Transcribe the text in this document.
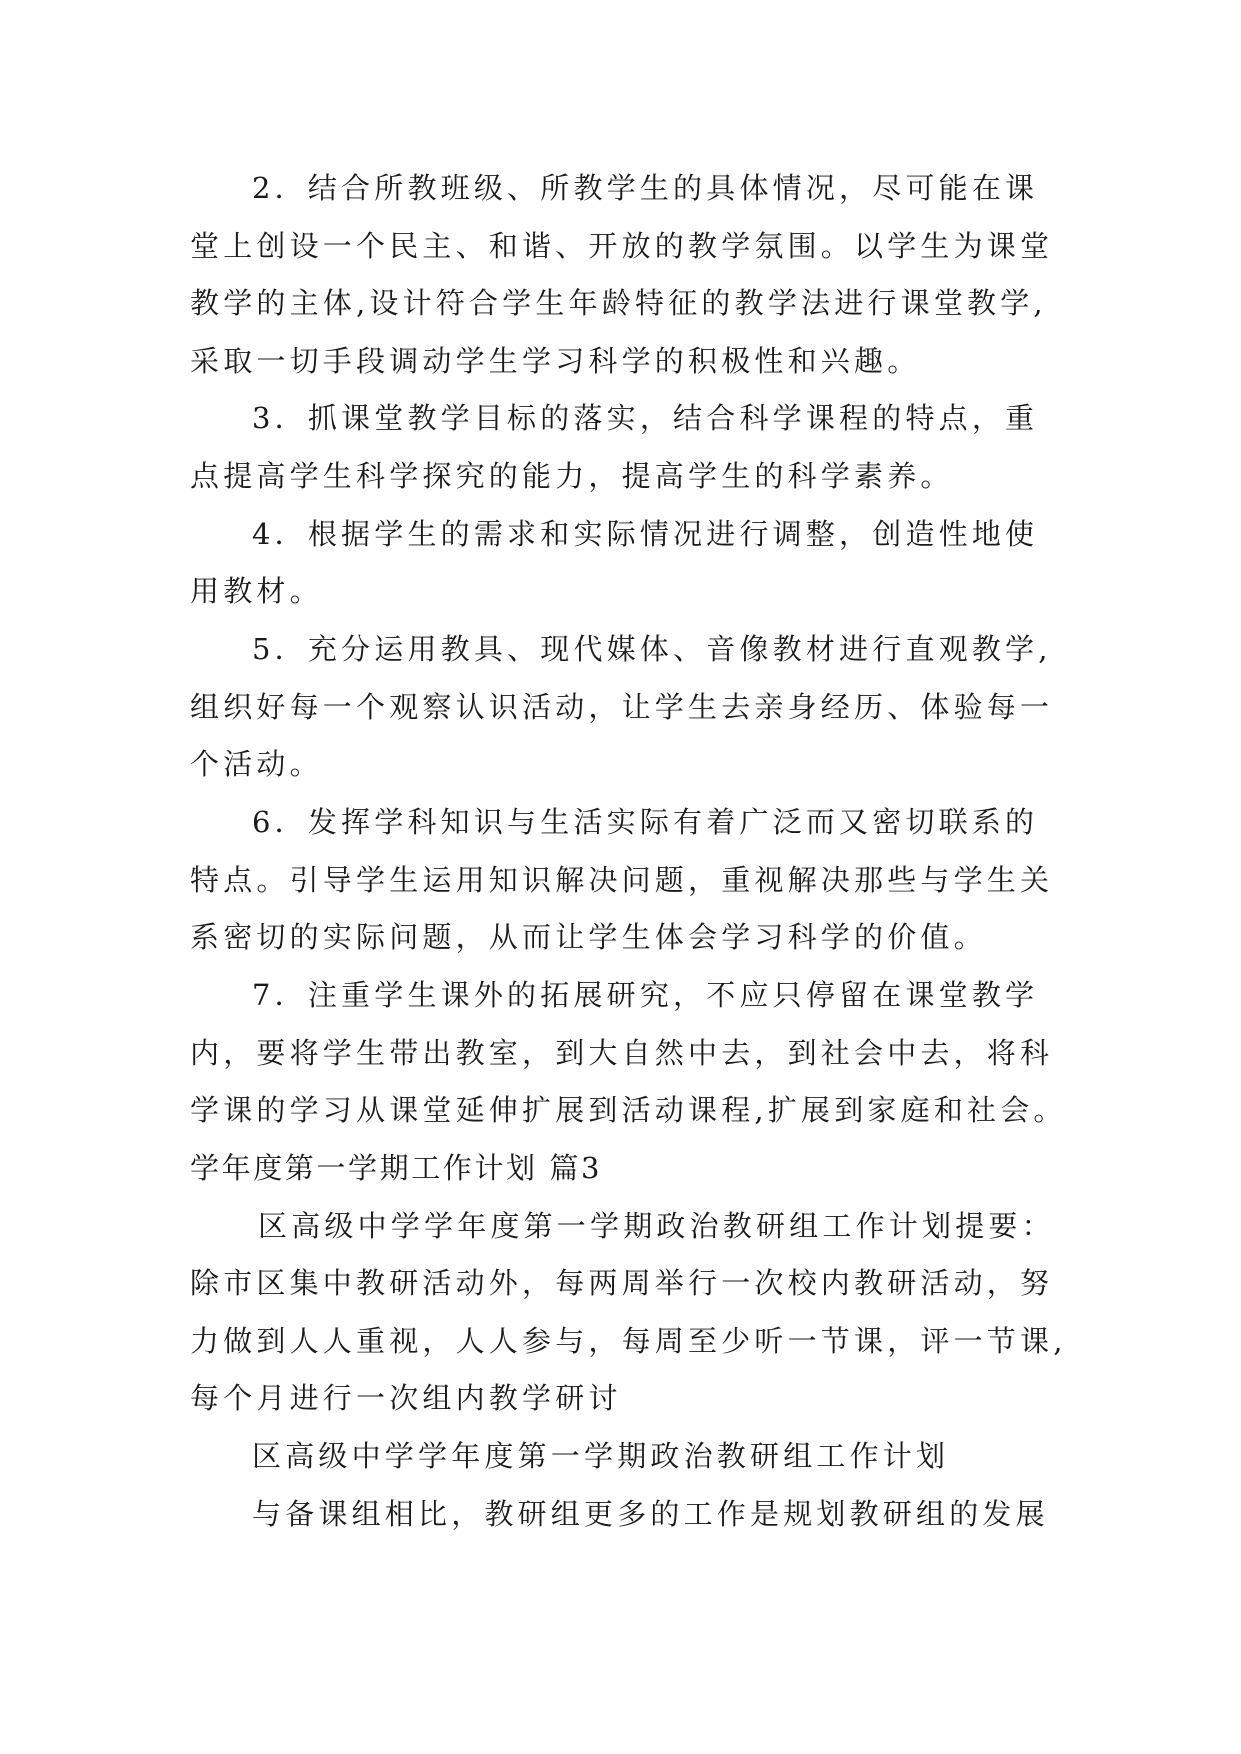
2．结合所教班级、所教学生的具体情况，尽可能在课
堂上创设一个民主、和谐、开放的教学氛围。以学生为课堂
教学的主体,设计符合学生年龄特征的教学法进行课堂教学,
采取一切手段调动学生学习科学的积极性和兴趣。
3．抓课堂教学目标的落实，结合科学课程的特点，重
点提高学生科学探究的能力，提高学生的科学素养。
4．根据学生的需求和实际情况进行调整，创造性地使
用教材。
5．充分运用教具、现代媒体、音像教材进行直观教学,
组织好每一个观察认识活动，让学生去亲身经历、体验每一
个活动。
6．发挥学科知识与生活实际有着广泛而又密切联系的
特点。引导学生运用知识解决问题，重视解决那些与学生关
系密切的实际问题，从而让学生体会学习科学的价值。
7．注重学生课外的拓展研究，不应只停留在课堂教学
内，要将学生带出教室，到大自然中去，到社会中去，将科
学课的学习从课堂延伸扩展到活动课程,扩展到家庭和社会。
学年度第一学期工作计划 篇3
区高级中学学年度第一学期政治教研组工作计划提要：
除市区集中教研活动外，每两周举行一次校内教研活动，努
力做到人人重视，人人参与，每周至少听一节课，评一节课,
每个月进行一次组内教学研讨
区高级中学学年度第一学期政治教研组工作计划
与备课组相比，教研组更多的工作是规划教研组的发展
